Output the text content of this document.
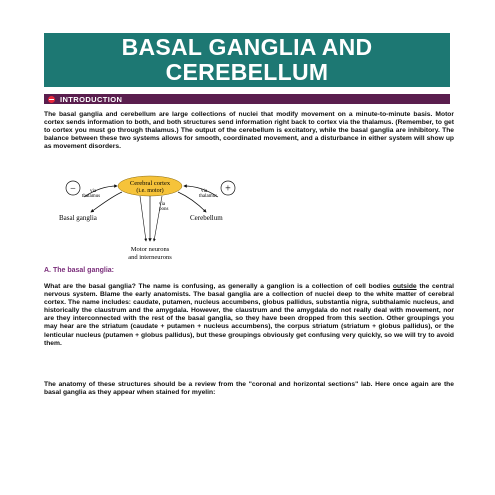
BASAL GANGLIA AND
CEREBELLUM
INTRODUCTION

The basal ganglia and cerebellum are large collections of nuclei that modify movement on a minute-to-minute basis. Motor cortex sends information to both, and both structures send information right back to cortex via the thalamus. (Remember, to get to cortex you must go through thalamus.) The output of the cerebellum is excitatory, while the basal ganglia are inhibitory. The balance between these two systems allows for smooth, coordinated movement, and a disturbance in either system will show up as movement disorders.

Cerebral cortex
(i.e. motor)
−	+
Basal ganglia	Cerebellum
via
thalamus
via
thalamus
via
pons
Motor neurons
and interneurons

A. The basal ganglia:

What are the basal ganglia? The name is confusing, as generally a ganglion is a collection of cell bodies outside the central nervous system. Blame the early anatomists. The basal ganglia are a collection of nuclei deep to the white matter of cerebral cortex. The name includes: caudate, putamen, nucleus accumbens, globus pallidus, substantia nigra, subthalamic nucleus, and historically the claustrum and the amygdala. However, the claustrum and the amygdala do not really deal with movement, nor are they interconnected with the rest of the basal ganglia, so they have been dropped from this section. Other groupings you may hear are the striatum (caudate + putamen + nucleus accumbens), the corpus striatum (striatum + globus pallidus), or the lenticular nucleus (putamen + globus pallidus), but these groupings obviously get confusing very quickly, so we will try to avoid them.

The anatomy of these structures should be a review from the "coronal and horizontal sections" lab. Here once again are the basal ganglia as they appear when stained for myelin:
